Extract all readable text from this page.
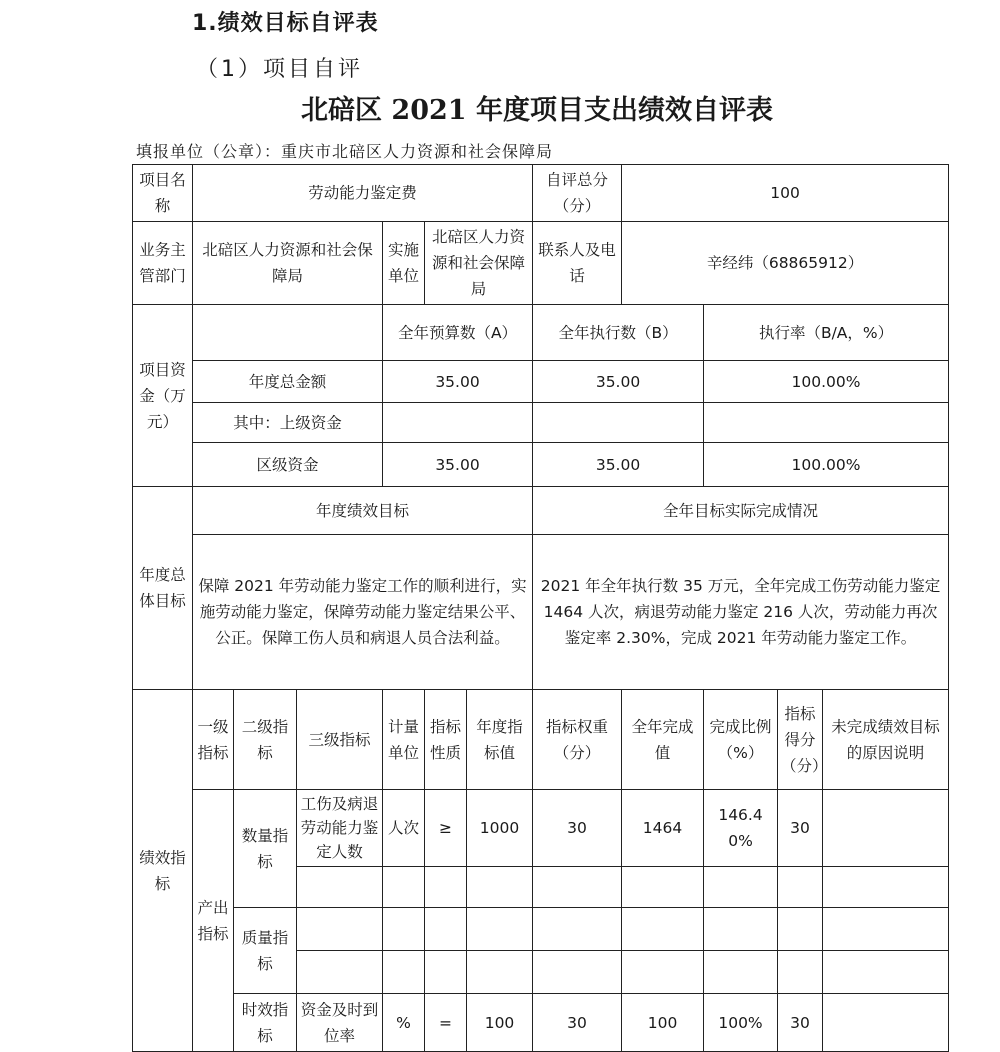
1.绩效目标自评表
（1）项目自评
北碚区 2021 年度项目支出绩效自评表
填报单位（公章）：重庆市北碚区人力资源和社会保障局
项目名称	劳动能力鉴定费						自评总分（分）	100			
业务主管部门	北碚区人力资源和社会保障局			实施单位	北碚区人力资源和社会保障局		联系人及电话	辛经纬（68865912）			
项目资金（万元）				全年预算数（A）			全年执行数（B）		执行率（B/A，%）		
	年度总金额			35.00			35.00		100.00%		
	其中：上级资金										
	区级资金			35.00			35.00		100.00%		
年度总体目标	年度绩效目标						全年目标实际完成情况				
	保障 2021 年劳动能力鉴定工作的顺利进行，实施劳动能力鉴定，保障劳动能力鉴定结果公平、公正。保障工伤人员和病退人员合法利益。						2021 年全年执行数 35 万元，全年完成工伤劳动能力鉴定 1464 人次，病退劳动能力鉴定 216 人次，劳动能力再次鉴定率 2.30%，完成 2021 年劳动能力鉴定工作。				
绩效指标	一级指标	二级指标	三级指标	计量单位	指标性质	年度指标值	指标权重（分）	全年完成值	完成比例（%）	指标得分（分）	未完成绩效目标的原因说明
	产出指标	数量指标	工伤及病退劳动能力鉴定人数	人次	≥	1000	30	1464	146.40%	30	

		质量指标									

		时效指标	资金及时到位率	%	=	100	30	100	100%	30	
